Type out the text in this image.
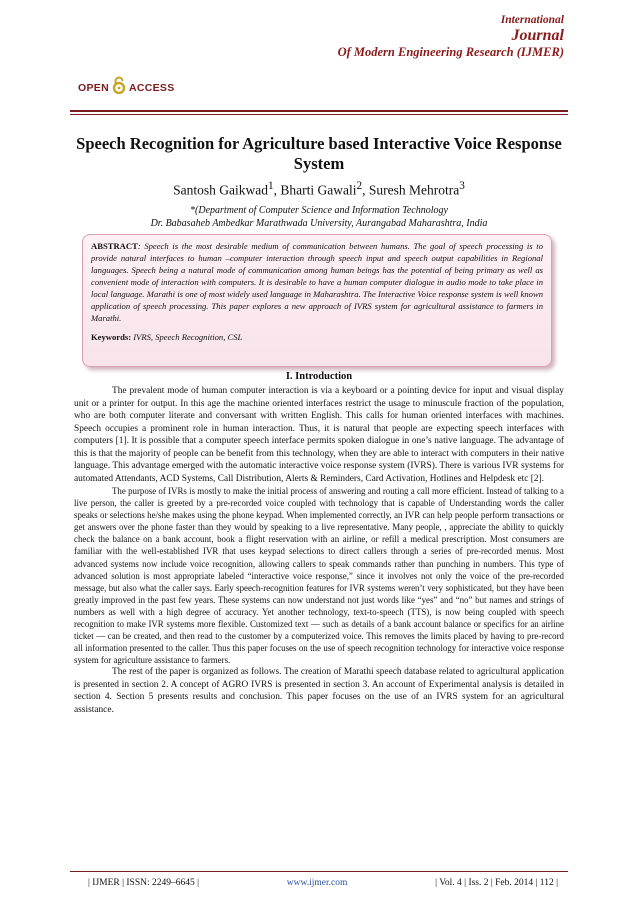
International
Journal
Of Modern Engineering Research (IJMER)
OPEN ACCESS
Speech Recognition for Agriculture based Interactive Voice Response System
Santosh Gaikwad$^1$, Bharti Gawali$^2$, Suresh Mehrotra$^3$
*(Department of Computer Science and Information Technology
Dr. Babasaheb Ambedkar Marathwada University, Aurangabad Maharashtra, India
ABSTRACT: Speech is the most desirable medium of communication between humans. The goal of speech processing is to provide natural interfaces to human –computer interaction through speech input and speech output capabilities in Regional languages. Speech being a natural mode of communication among human beings has the potential of being primary as well as convenient mode of interaction with computers. It is desirable to have a human computer dialogue in audio mode to take place in local language. Marathi is one of most widely used language in Maharashtra. The Interactive Voice response system is well known application of speech processing. This paper explores a new approach of IVRS system for agricultural assistance to farmers in Marathi.
Keywords: IVRS, Speech Recognition, CSL
I. Introduction

The prevalent mode of human computer interaction is via a keyboard or a pointing device for input and visual display unit or a printer for output. In this age the machine oriented interfaces restrict the usage to minuscule fraction of the population, who are both computer literate and conversant with written English. This calls for human oriented interfaces with machines. Speech occupies a prominent role in human interaction. Thus, it is natural that people are expecting speech interfaces with computers [1]. It is possible that a computer speech interface permits spoken dialogue in one’s native language. The advantage of this is that the majority of people can be benefit from this technology, when they are able to interact with computers in their native language. This advantage emerged with the automatic interactive voice response system (IVRS). There is various IVR systems for automated Attendants, ACD Systems, Call Distribution, Alerts & Reminders, Card Activation, Hotlines and Helpdesk etc [2].

The purpose of IVRs is mostly to make the initial process of answering and routing a call more efficient. Instead of talking to a live person, the caller is greeted by a pre-recorded voice coupled with technology that is capable of Understanding words the caller speaks or selections he/she makes using the phone keypad. When implemented correctly, an IVR can help people perform transactions or get answers over the phone faster than they would by speaking to a live representative. Many people, , appreciate the ability to quickly check the balance on a bank account, book a flight reservation with an airline, or refill a medical prescription. Most consumers are familiar with the well-established IVR that uses keypad selections to direct callers through a series of pre-recorded menus. Most advanced systems now include voice recognition, allowing callers to speak commands rather than punching in numbers. This type of advanced solution is most appropriate labeled “interactive voice response,” since it involves not only the voice of the pre-recorded message, but also what the caller says. Early speech-recognition features for IVR systems weren’t very sophisticated, but they have been greatly improved in the past few years. These systems can now understand not just words like “yes” and “no” but names and strings of numbers as well with a high degree of accuracy. Yet another technology, text-to-speech (TTS), is now being coupled with speech recognition to make IVR systems more flexible. Customized text — such as details of a bank account balance or specifics for an airline ticket — can be created, and then read to the customer by a computerized voice. This removes the limits placed by having to pre-record all information presented to the caller. Thus this paper focuses on the use of speech recognition technology for interactive voice response system for agriculture assistance to farmers.

The rest of the paper is organized as follows. The creation of Marathi speech database related to agricultural application is presented in section 2. A concept of AGRO IVRS is presented in section 3. An account of Experimental analysis is detailed in section 4. Section 5 presents results and conclusion. This paper focuses on the use of an IVRS system for an agricultural assistance.

| IJMER | ISSN: 2249–6645 |	www.ijmer.com	| Vol. 4 | Iss. 2 | Feb. 2014 | 112 |
